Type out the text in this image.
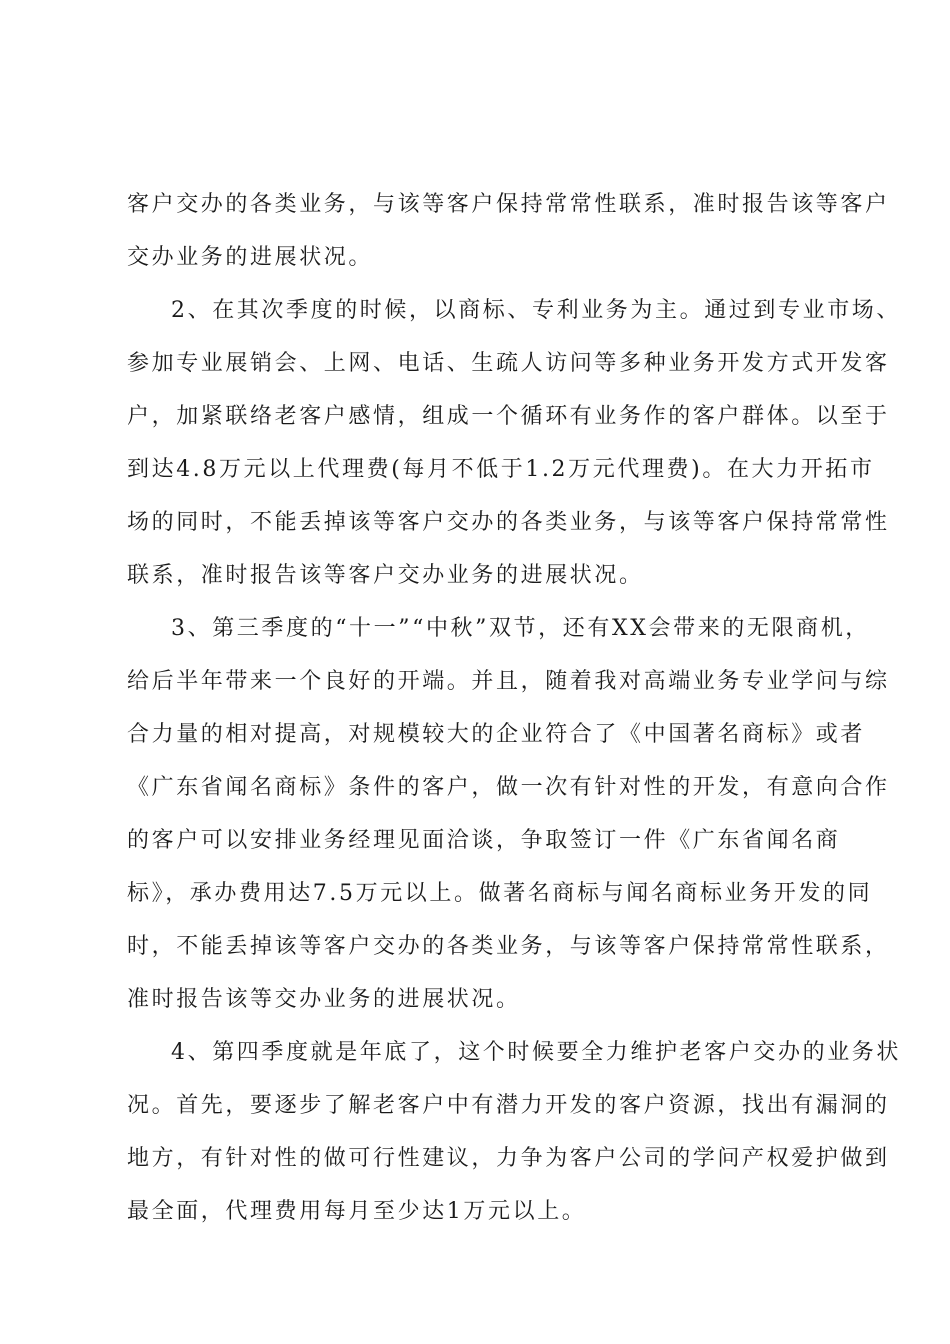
客户交办的各类业务，与该等客户保持常常性联系，准时报告该等客户
交办业务的进展状况。
2、在其次季度的时候，以商标、专利业务为主。通过到专业市场、
参加专业展销会、上网、电话、生疏人访问等多种业务开发方式开发客
户，加紧联络老客户感情，组成一个循环有业务作的客户群体。以至于
到达4.8万元以上代理费(每月不低于1.2万元代理费)。在大力开拓市
场的同时，不能丢掉该等客户交办的各类业务，与该等客户保持常常性
联系，准时报告该等客户交办业务的进展状况。
3、第三季度的“十一”“中秋”双节，还有XX会带来的无限商机，
给后半年带来一个良好的开端。并且，随着我对高端业务专业学问与综
合力量的相对提高，对规模较大的企业符合了《中国著名商标》或者
《广东省闻名商标》条件的客户，做一次有针对性的开发，有意向合作
的客户可以安排业务经理见面洽谈，争取签订一件《广东省闻名商
标》，承办费用达7.5万元以上。做著名商标与闻名商标业务开发的同
时，不能丢掉该等客户交办的各类业务，与该等客户保持常常性联系，
准时报告该等交办业务的进展状况。
4、第四季度就是年底了，这个时候要全力维护老客户交办的业务状
况。首先，要逐步了解老客户中有潜力开发的客户资源，找出有漏洞的
地方，有针对性的做可行性建议，力争为客户公司的学问产权爱护做到
最全面，代理费用每月至少达1万元以上。
